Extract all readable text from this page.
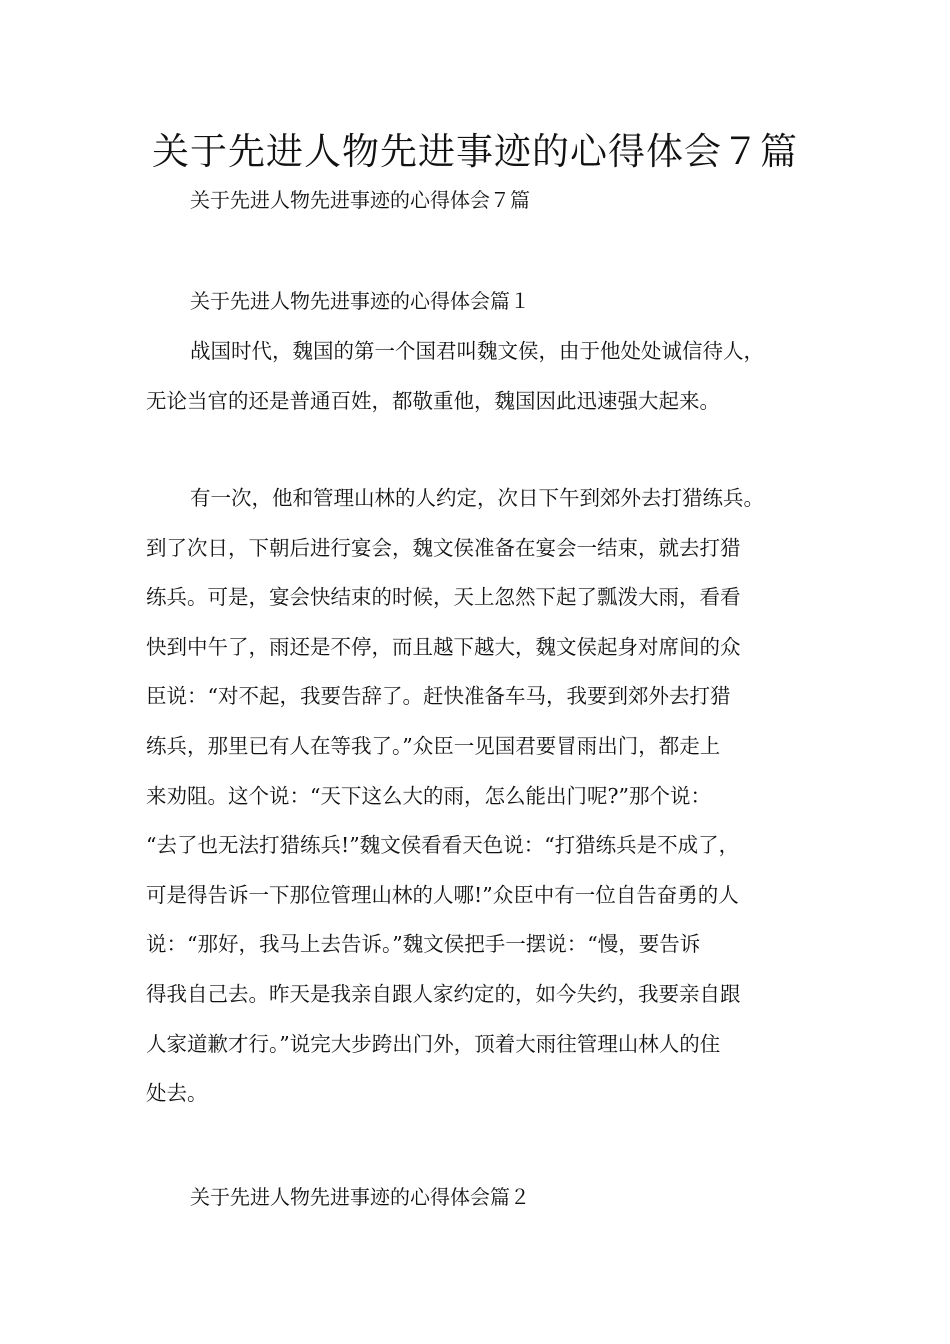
关于先进人物先进事迹的心得体会７篇

关于先进人物先进事迹的心得体会７篇

关于先进人物先进事迹的心得体会篇１

战国时代，魏国的第一个国君叫魏文侯，由于他处处诚信待人，
无论当官的还是普通百姓，都敬重他，魏国因此迅速强大起来。
有一次，他和管理山林的人约定，次日下午到郊外去打猎练兵。
到了次日，下朝后进行宴会，魏文侯准备在宴会一结束，就去打猎
练兵。可是，宴会快结束的时候，天上忽然下起了瓢泼大雨，看看
快到中午了，雨还是不停，而且越下越大，魏文侯起身对席间的众
臣说：“对不起，我要告辞了。赶快准备车马，我要到郊外去打猎
练兵，那里已有人在等我了。”众臣一见国君要冒雨出门，都走上
来劝阻。这个说：“天下这么大的雨，怎么能出门呢?”那个说：
“去了也无法打猎练兵!”魏文侯看看天色说：“打猎练兵是不成了，
可是得告诉一下那位管理山林的人哪!”众臣中有一位自告奋勇的人
说：“那好，我马上去告诉。”魏文侯把手一摆说：“慢，要告诉
得我自己去。昨天是我亲自跟人家约定的，如今失约，我要亲自跟
人家道歉才行。”说完大步跨出门外，顶着大雨往管理山林人的住
处去。

关于先进人物先进事迹的心得体会篇２
